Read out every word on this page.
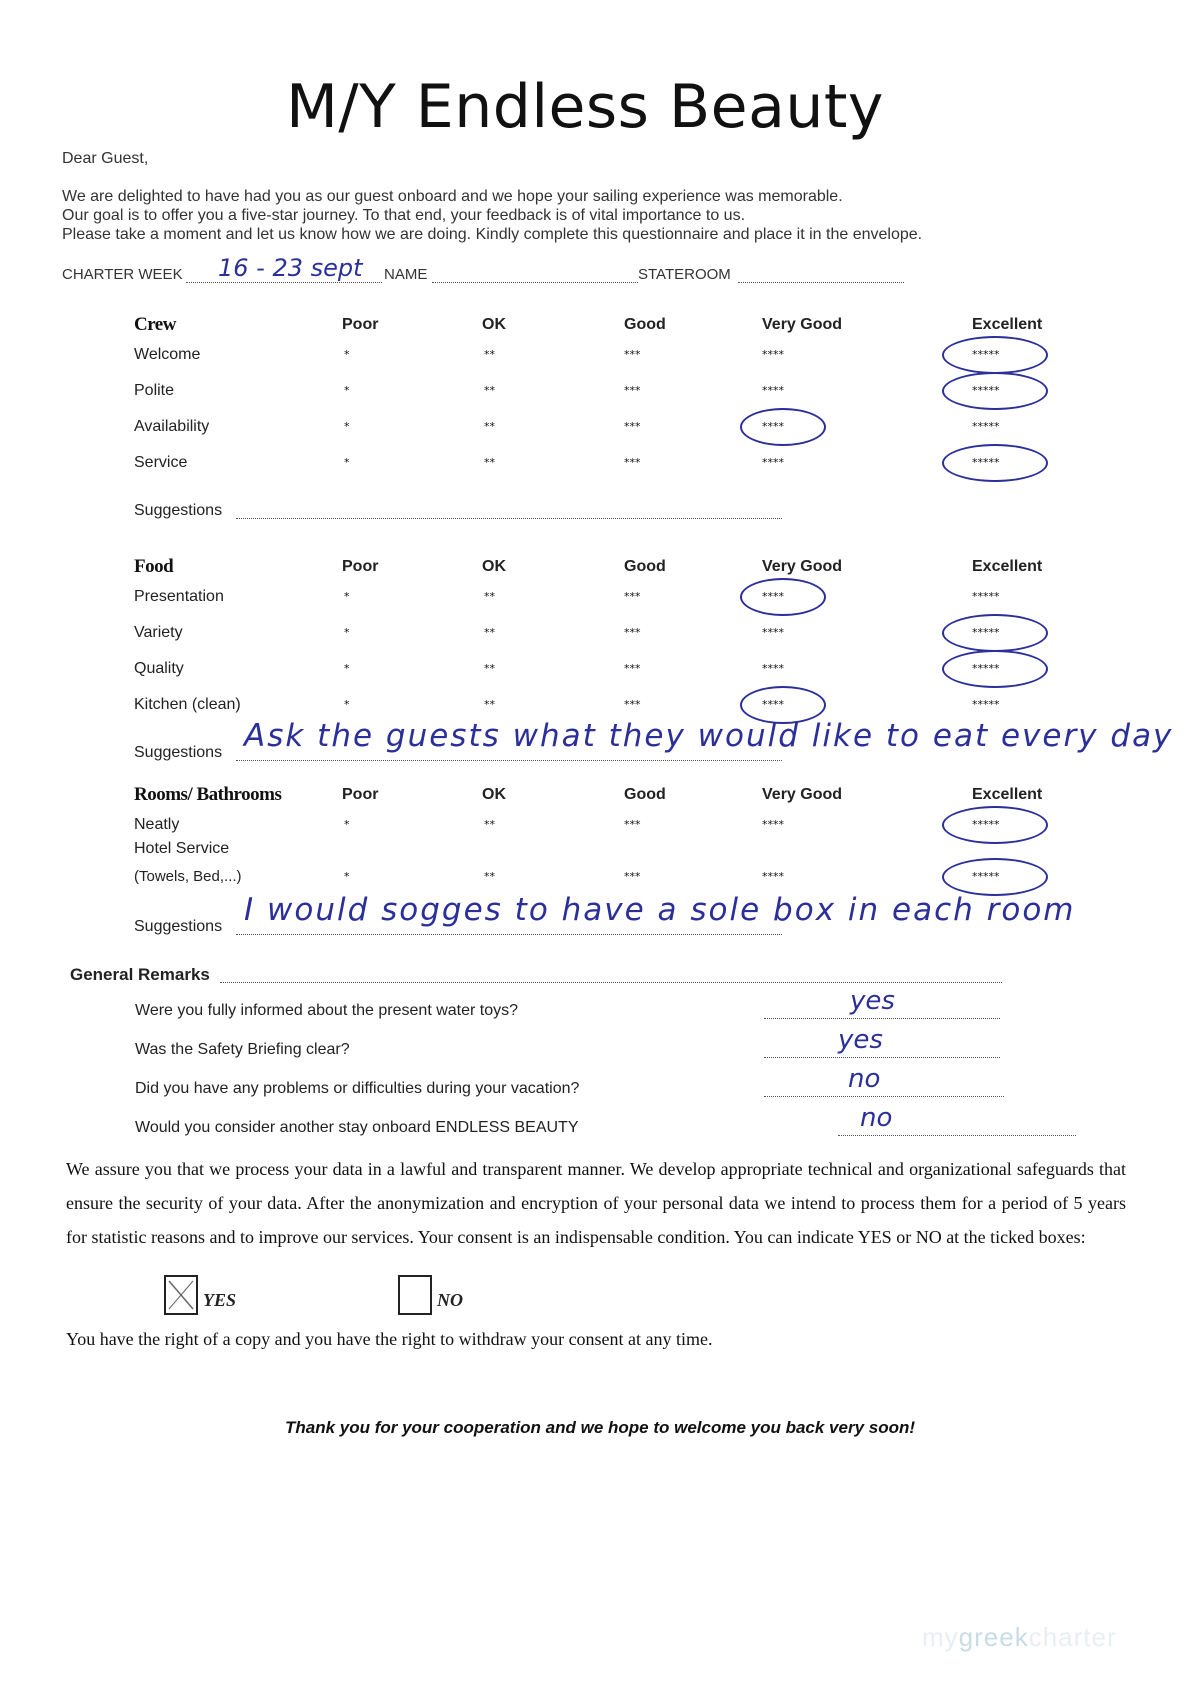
M/Y Endless Beauty
Dear Guest,
We are delighted to have had you as our guest onboard and we hope your sailing experience was memorable.
Our goal is to offer you a five-star journey. To that end, your feedback is of vital importance to us.
Please take a moment and let us know how we are doing. Kindly complete this questionnaire and place it in the envelope.
CHARTER WEEK 16 - 23 sept NAME	STATEROOM
Crew	Poor	OK	Good	Very Good	Excellent
Welcome	*	**	***	****	*****
Polite	*	**	***	****	*****
Availability	*	**	***	****	*****
Service	*	**	***	****	*****
Suggestions
Food	Poor	OK	Good	Very Good	Excellent
Presentation	*	**	***	****	*****
Variety	*	**	***	****	*****
Quality	*	**	***	****	*****
Kitchen (clean)	*	**	***	****	*****
Suggestions Ask the guests what they would like to eat every day
Rooms/ Bathrooms	Poor	OK	Good	Very Good	Excellent
Neatly	*	**	***	****	*****
Hotel Service
(Towels, Bed,...)	*	**	***	****	*****
Suggestions I would sogges to have a sole box in each room
General Remarks
Were you fully informed about the present water toys?	yes
Was the Safety Briefing clear?	yes
Did you have any problems or difficulties during your vacation?	no
Would you consider another stay onboard ENDLESS BEAUTY	no
We assure you that we process your data in a lawful and transparent manner. We develop appropriate technical and organizational safeguards that ensure the security of your data. After the anonymization and encryption of your personal data we intend to process them for a period of 5 years for statistic reasons and to improve our services. Your consent is an indispensable condition. You can indicate YES or NO at the ticked boxes:
YES	NO
You have the right of a copy and you have the right to withdraw your consent at any time.
Thank you for your cooperation and we hope to welcome you back very soon!
mygreekcharter
